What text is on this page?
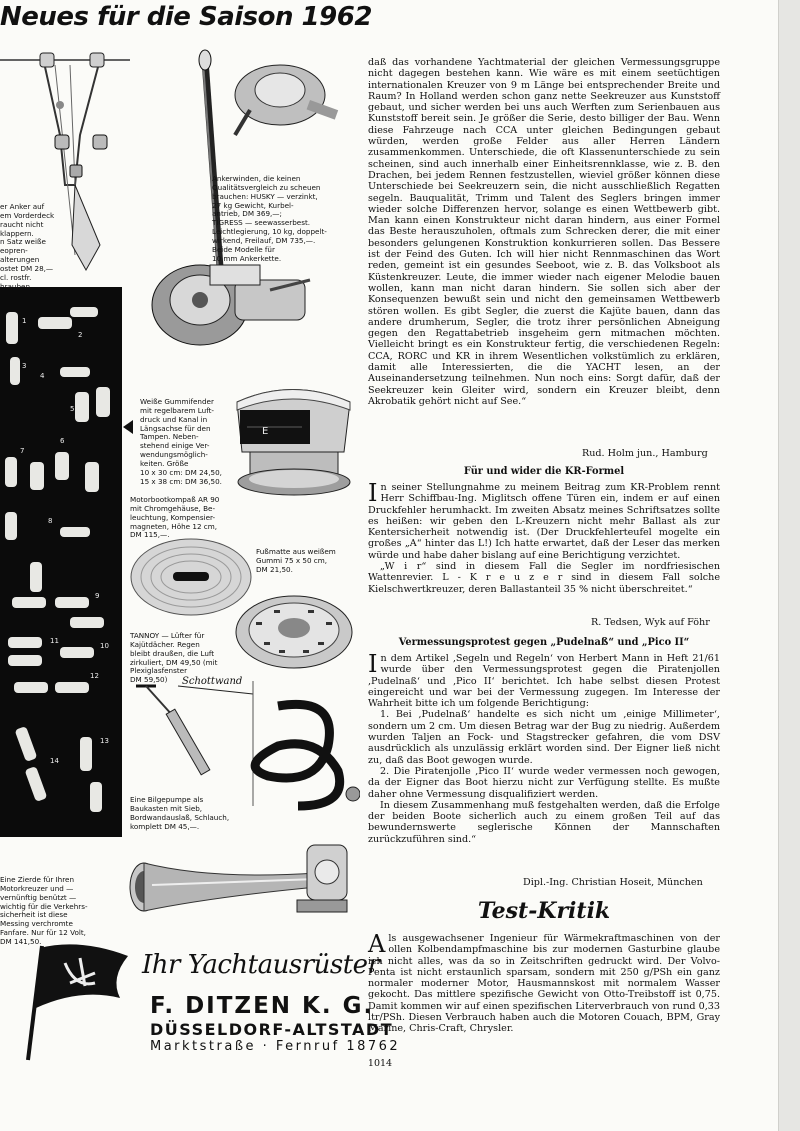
Neues für die Saison 1962

er Anker auf
em Vorderdeck
raucht nicht
klappern.
n Satz weiße
eopren-
alterungen
ostet DM 28,—
cl. rostfr.

Ankerwinden, die keinen
Qualitätsvergleich zu scheuen
brauchen: HUSKY — verzinkt,
27 kg Gewicht, Kurbel-
antrieb, DM 369,—;
TIGRESS — seewasserbest.
Leichtlegierung, 10 kg, doppelt-
wirkend, Freilauf, DM 735,—.
Beide Modelle für
10 mm Ankerkette.

1
2
3
4
5
6
7
8
9
10
11
12
13
14

Weiße Gummifender
mit regelbarem Luft-
druck und Kanal in
Längsachse für den
Tampen. Neben-
stehend einige Ver-
wendungsmöglich-
keiten. Größe
10 x 30 cm: DM 24,50,
15 x 38 cm: DM 36,50.

E

Motorbootkompaß AR 90
mit Chromgehäuse, Be-
leuchtung, Kompensier-
magneten, Höhe 12 cm,
DM 115,—.

Fußmatte aus weißem
Gummi 75 x 50 cm,
DM 21,50.

TANNOY — Lüfter für
Kajütdächer. Regen
bleibt draußen, die Luft
zirkuliert, DM 49,50 (mit
Plexiglasfenster
DM 59,50)	Schottwand

Eine Bilgepumpe als
Baukasten mit Sieb,
Bordwandauslaß, Schlauch,
komplett DM 45,—.

Eine Zierde für Ihren
Motorkreuzer und —
vernünftig benützt —
wichtig für die Verkehrs-
sicherheit ist diese
Messing verchromte
Fanfare. Nur für 12 Volt,
DM 141,50.

Ihr Yachtausrüster
F. DITZEN K. G.
DÜSSELDORF-ALTSTADT
Marktstraße · Fernruf 18762

daß das vorhandene Yachtmaterial der gleichen Vermessungsgruppe nicht dagegen bestehen kann. Wie wäre es mit einem seetüchtigen internationalen Kreuzer von 9 m Länge bei entsprechender Breite und Raum? In Holland werden schon ganz nette Seekreuzer aus Kunststoff gebaut, und sicher werden bei uns auch Werften zum Serienbauen aus Kunststoff bereit sein. Je größer die Serie, desto billiger der Bau. Wenn diese Fahrzeuge nach CCA unter gleichen Bedingungen gebaut würden, werden große Felder aus aller Herren Ländern zusammenkommen. Unterschiede, die oft Klassenunterschiede zu sein scheinen, sind auch innerhalb einer Einheitsrennklasse, wie z. B. den Drachen, bei jedem Rennen festzustellen, wieviel größer können diese Unterschiede bei Seekreuzern sein, die nicht ausschließlich Regatten segeln. Bauqualität, Trimm und Talent des Seglers bringen immer wieder solche Differenzen hervor, solange es einen Wettbewerb gibt. Man kann einen Konstrukteur nicht daran hindern, aus einer Formel das Beste herauszuholen, oftmals zum Schrecken derer, die mit einer besonders gelungenen Konstruktion konkurrieren sollen. Das Bessere ist der Feind des Guten. Ich will hier nicht Rennmaschinen das Wort reden, gemeint ist ein gesundes Seeboot, wie z. B. das Volksboot als Küstenkreuzer. Leute, die immer wieder nach eigener Melodie bauen wollen, kann man nicht daran hindern. Sie sollen sich aber der Konsequenzen bewußt sein und nicht den gemeinsamen Wettbewerb stören wollen. Es gibt Segler, die zuerst die Kajüte bauen, dann das andere drumherum, Segler, die trotz ihrer persönlichen Abneigung gegen den Regattabetrieb insgeheim gern mitmachen möchten. Vielleicht bringt es ein Konstrukteur fertig, die verschiedenen Regeln: CCA, RORC und KR in ihrem Wesentlichen volkstümlich zu erklären, damit alle Interessierten, die die YACHT lesen, an der Auseinandersetzung teilnehmen. Nun noch eins: Sorgt dafür, daß der Seekreuzer kein Gleiter wird, sondern ein Kreuzer bleibt, denn Akrobatik gehört nicht auf See.“

Rud. Holm jun., Hamburg
Für und wider die KR-Formel

In seiner Stellungnahme zu meinem Beitrag zum KR-Problem rennt Herr Schiffbau-Ing. Miglitsch offene Türen ein, indem er auf einen Druckfehler herumhackt. Im zweiten Absatz meines Schriftsatzes sollte es heißen: wir geben den L-Kreuzern nicht mehr Ballast als zur Kentersicherheit notwendig ist. (Der Druckfehlerteufel mogelte ein großes „A“ hinter das L!) Ich hatte erwartet, daß der Leser das merken würde und habe daher bislang auf eine Berichtigung verzichtet.

„W i r“ sind in diesem Fall die Segler im nordfriesischen Wattenrevier. L - K r e u z e r sind in diesem Fall solche Kielschwertkreuzer, deren Ballastanteil 35 % nicht überschreitet.“

R. Tedsen, Wyk auf Föhr
Vermessungsprotest gegen „Pudelnaß“ und „Pico II“

In dem Artikel ‚Segeln und Regeln‘ von Herbert Mann in Heft 21/61 wurde über den Vermessungsprotest gegen die Piratenjollen ‚Pudelnaß‘ und ‚Pico II‘ berichtet. Ich habe selbst diesen Protest eingereicht und war bei der Vermessung zugegen. Im Interesse der Wahrheit bitte ich um folgende Berichtigung:

1. Bei ‚Pudelnaß‘ handelte es sich nicht um ‚einige Millimeter‘, sondern um 2 cm. Um diesen Betrag war der Bug zu niedrig. Außerdem wurden Taljen an Fock- und Stagstrecker gefahren, die vom DSV ausdrücklich als unzulässig erklärt worden sind. Der Eigner ließ nicht zu, daß das Boot gewogen wurde.

2. Die Piratenjolle ‚Pico II‘ wurde weder vermessen noch gewogen, da der Eigner das Boot hierzu nicht zur Verfügung stellte. Es mußte daher ohne Vermessung disqualifiziert werden.

In diesem Zusammenhang muß festgehalten werden, daß die Erfolge der beiden Boote sicherlich auch zu einem großen Teil auf das bewundernswerte seglerische Können der Mannschaften zurückzuführen sind.“

Dipl.-Ing. Christian Hoseit, München
Test-Kritik

Als ausgewachsener Ingenieur für Wärmekraftmaschinen von der ollen Kolbendampfmaschine bis zur modernen Gasturbine glaube ich nicht alles, was da so in Zeitschriften gedruckt wird. Der Volvo-Penta ist nicht erstaunlich sparsam, sondern mit 250 g/PSh ein ganz normaler moderner Motor, Hausmannskost mit normalem Wasser gekocht. Das mittlere spezifische Gewicht von Otto-Treibstoff ist 0,75. Damit kommen wir auf einen spezifischen Literverbrauch von rund 0,33 ltr/PSh. Diesen Verbrauch haben auch die Motoren Couach, BPM, Gray Marine, Chris-Craft, Chrysler.

1014
